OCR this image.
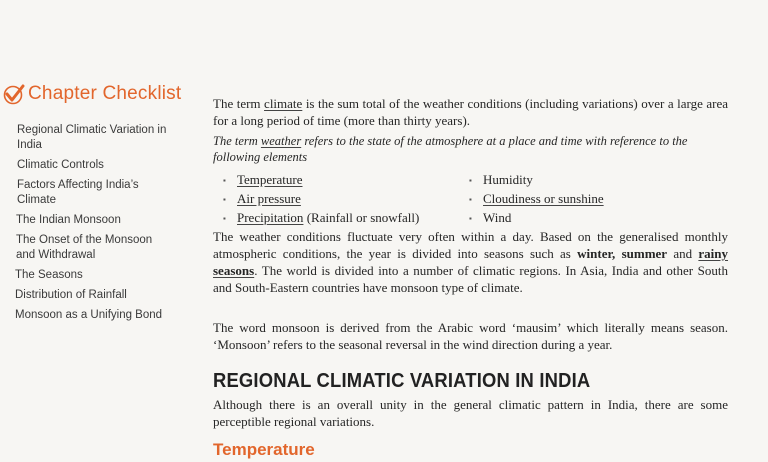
Chapter Checklist
Regional Climatic Variation in
India
Climatic Controls
Factors Affecting India’s
Climate
The Indian Monsoon
The Onset of the Monsoon
and Withdrawal
The Seasons
Distribution of Rainfall
Monsoon as a Unifying Bond
The term climate is the sum total of the weather conditions (including variations) over a large area for a long period of time (more than thirty years).
The term weather refers to the state of the atmosphere at a place and time with reference to the following elements
▪ Temperature
▪ Air pressure
▪ Precipitation (Rainfall or snowfall)
▪ Humidity
▪ Cloudiness or sunshine
▪ Wind
The weather conditions fluctuate very often within a day. Based on the generalised monthly atmospheric conditions, the year is divided into seasons such as winter, summer and rainy seasons. The world is divided into a number of climatic regions. In Asia, India and other South and South-Eastern countries have monsoon type of climate.
The word monsoon is derived from the Arabic word ‘mausim’ which literally means season. ‘Monsoon’ refers to the seasonal reversal in the wind direction during a year.
REGIONAL CLIMATIC VARIATION IN INDIA
Although there is an overall unity in the general climatic pattern in India, there are some perceptible regional variations.
Temperature
